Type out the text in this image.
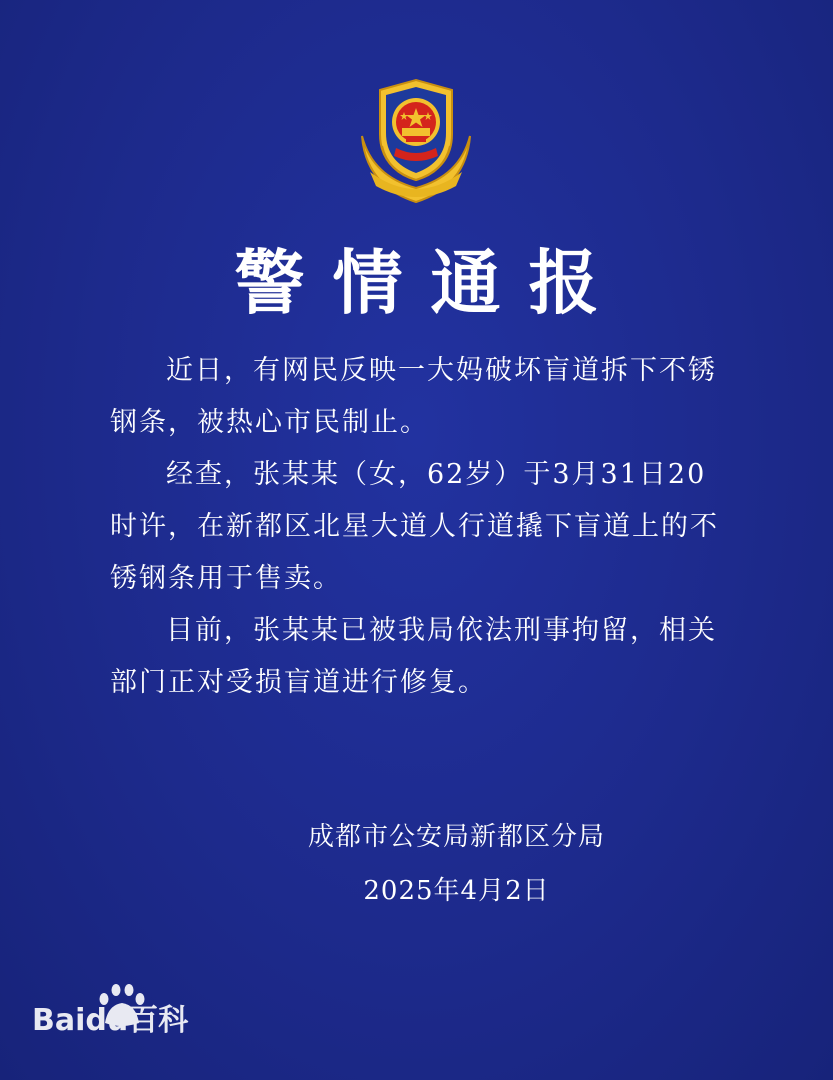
警情通报

近日，有网民反映一大妈破坏盲道拆下不锈钢条，被热心市民制止。

经查，张某某（女，62岁）于3月31日20时许，在新都区北星大道人行道撬下盲道上的不锈钢条用于售卖。

目前，张某某已被我局依法刑事拘留，相关部门正对受损盲道进行修复。

成都市公安局新都区分局
2025年4月2日
Baidu百科
